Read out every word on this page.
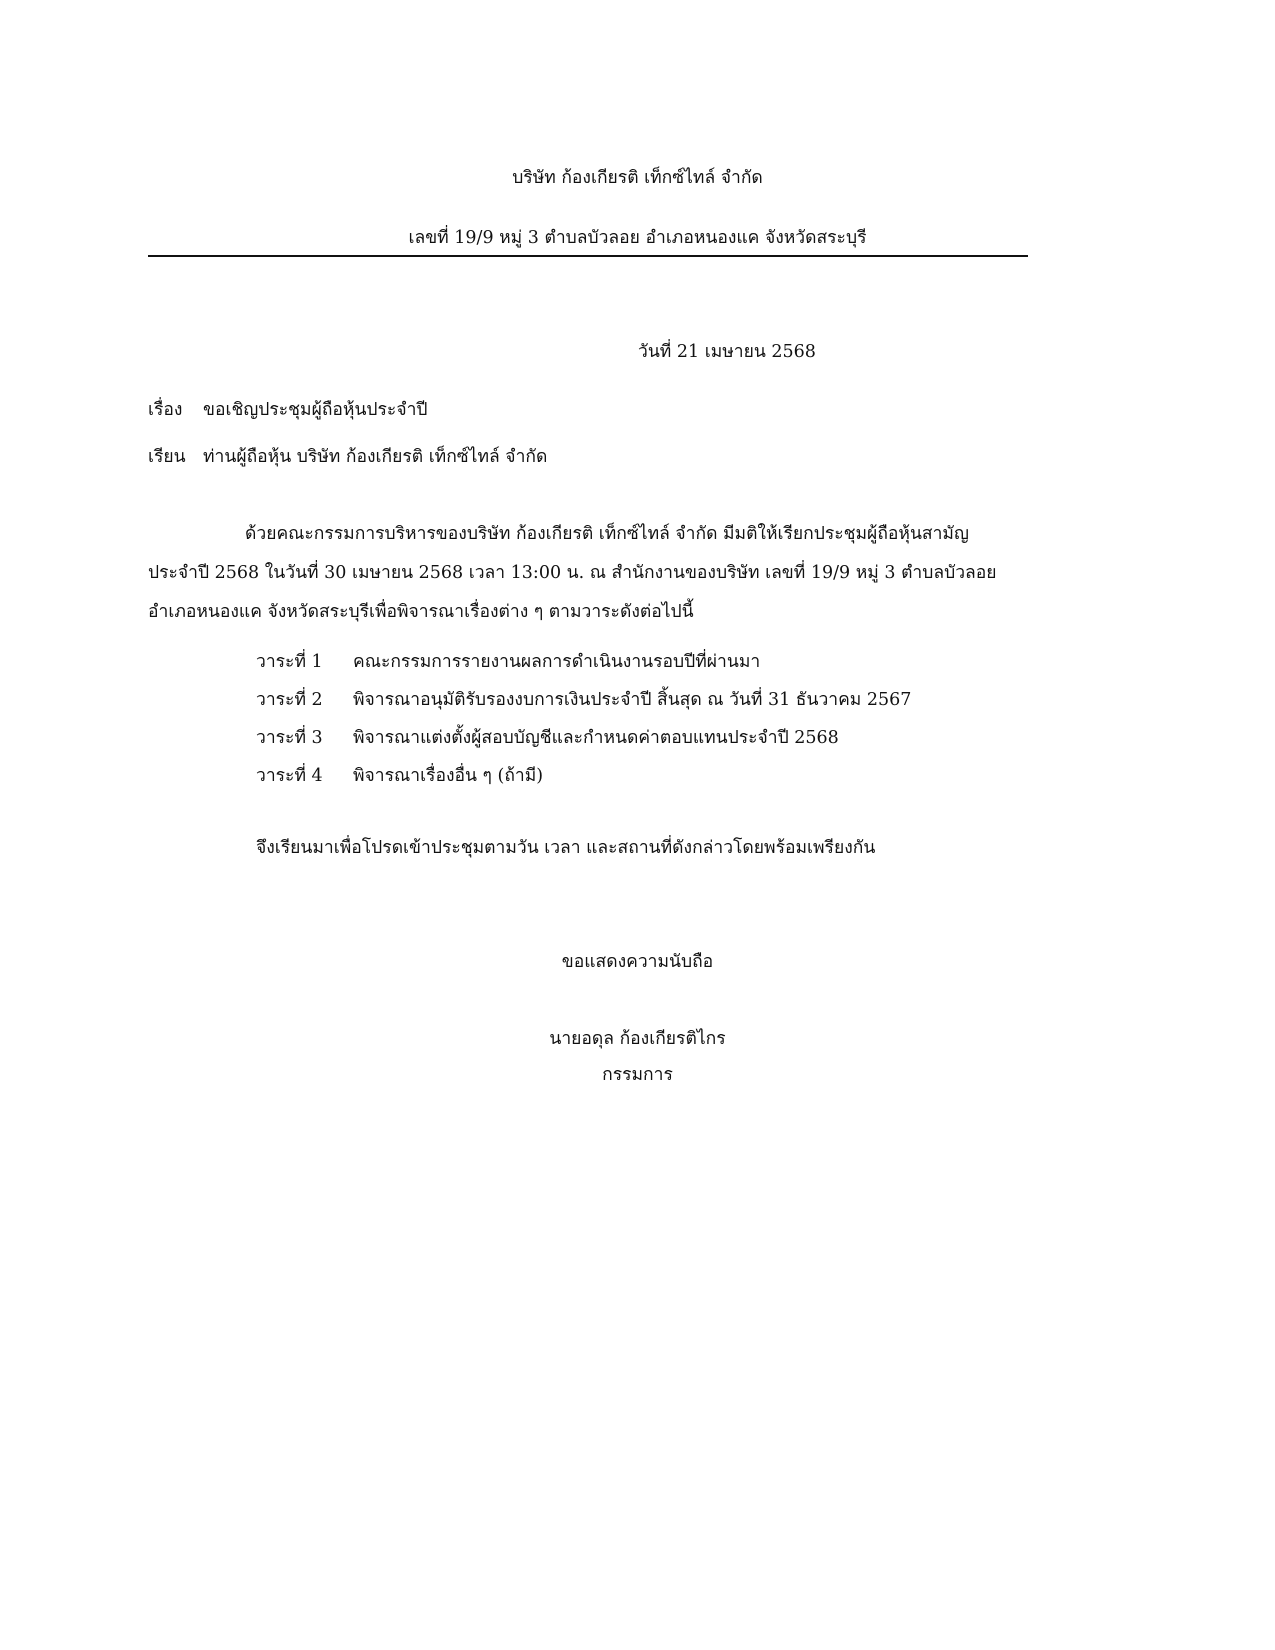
บริษัท ก้องเกียรติ เท็กซ์ไทล์ จำกัด
เลขที่ 19/9 หมู่ 3 ตำบลบัวลอย อำเภอหนองแค จังหวัดสระบุรี
วันที่ 21 เมษายน 2568
เรื่อง ขอเชิญประชุมผู้ถือหุ้นประจำปี
เรียน ท่านผู้ถือหุ้น บริษัท ก้องเกียรติ เท็กซ์ไทล์ จำกัด
ด้วยคณะกรรมการบริหารของบริษัท ก้องเกียรติ เท็กซ์ไทล์ จำกัด มีมติให้เรียกประชุมผู้ถือหุ้นสามัญ
ประจำปี 2568 ในวันที่ 30 เมษายน 2568 เวลา 13:00 น. ณ สำนักงานของบริษัท เลขที่ 19/9 หมู่ 3 ตำบลบัวลอย
อำเภอหนองแค จังหวัดสระบุรีเพื่อพิจารณาเรื่องต่าง ๆ ตามวาระดังต่อไปนี้
วาระที่ 1 คณะกรรมการรายงานผลการดำเนินงานรอบปีที่ผ่านมา
วาระที่ 2 พิจารณาอนุมัติรับรองงบการเงินประจำปี สิ้นสุด ณ วันที่ 31 ธันวาคม 2567
วาระที่ 3 พิจารณาแต่งตั้งผู้สอบบัญชีและกำหนดค่าตอบแทนประจำปี 2568
วาระที่ 4 พิจารณาเรื่องอื่น ๆ (ถ้ามี)
จึงเรียนมาเพื่อโปรดเข้าประชุมตามวัน เวลา และสถานที่ดังกล่าวโดยพร้อมเพรียงกัน
ขอแสดงความนับถือ
นายอดุล ก้องเกียรติไกร
กรรมการ
